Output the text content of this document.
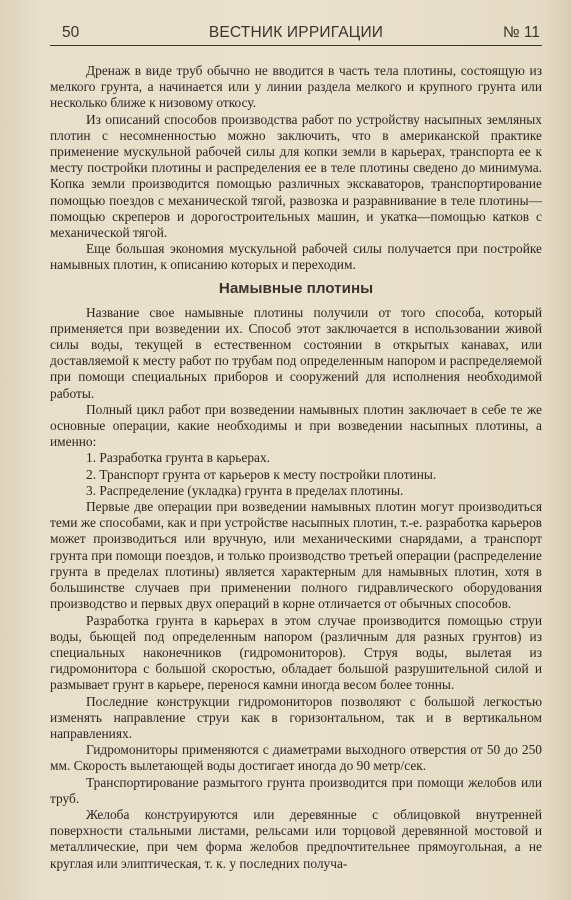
50	ВЕСТНИК ИРРИГАЦИИ	№ 11

Дренаж в виде труб обычно не вводится в часть тела плотины, состоящую из мелкого грунта, а начинается или у линии раздела мелкого и крупного грунта или несколько ближе к низовому откосу.

Из описаний способов производства работ по устройству насыпных земляных плотин с несомненностью можно заключить, что в американской практике применение мускульной рабочей силы для копки земли в карьерах, транспорта ее к месту постройки плотины и распределения ее в теле плотины сведено до минимума. Копка земли производится помощью различных экскаваторов, транспортирование помощью поездов с механической тягой, развозка и разравнивание в теле плотины—помощью скреперов и дорогостроительных машин, и укатка—помощью катков с механической тягой.

Еще большая экономия мускульной рабочей силы получается при постройке намывных плотин, к описанию которых и переходим.

Намывные плотины

Название свое намывные плотины получили от того способа, который применяется при возведении их. Способ этот заключается в использовании живой силы воды, текущей в естественном состоянии в открытых канавах, или доставляемой к месту работ по трубам под определенным напором и распределяемой при помощи специальных приборов и сооружений для исполнения необходимой работы.

Полный цикл работ при возведении намывных плотин заключает в себе те же основные операции, какие необходимы и при возведении насыпных плотины, а именно:

1. Разработка грунта в карьерах.

2. Транспорт грунта от карьеров к месту постройки плотины.

3. Распределение (укладка) грунта в пределах плотины.

Первые две операции при возведении намывных плотин могут производиться теми же способами, как и при устройстве насыпных плотин, т.-е. разработка карьеров может производиться или вручную, или механическими снарядами, а транспорт грунта при помощи поездов, и только производство третьей операции (распределение грунта в пределах плотины) является характерным для намывных плотин, хотя в большинстве случаев при применении полного гидравлического оборудования производство и первых двух операций в корне отличается от обычных способов.

Разработка грунта в карьерах в этом случае производится помощью струи воды, бьющей под определенным напором (различным для разных грунтов) из специальных наконечников (гидромониторов). Струя воды, вылетая из гидромонитора с большой скоростью, обладает большой разрушительной силой и размывает грунт в карьере, перенося камни иногда весом более тонны.

Последние конструкции гидромониторов позволяют с большой легкостью изменять направление струи как в горизонтальном, так и в вертикальном направлениях.

Гидромониторы применяются с диаметрами выходного отверстия от 50 до 250 мм. Скорость вылетающей воды достигает иногда до 90 метр/сек.

Транспортирование размытого грунта производится при помощи желобов или труб.

Желоба конструируются или деревянные с облицовкой внутренней поверхности стальными листами, рельсами или торцовой деревянной мостовой и металлические, при чем форма желобов предпочтительнее прямоугольная, а не круглая или элиптическая, т. к. у последних получа-
